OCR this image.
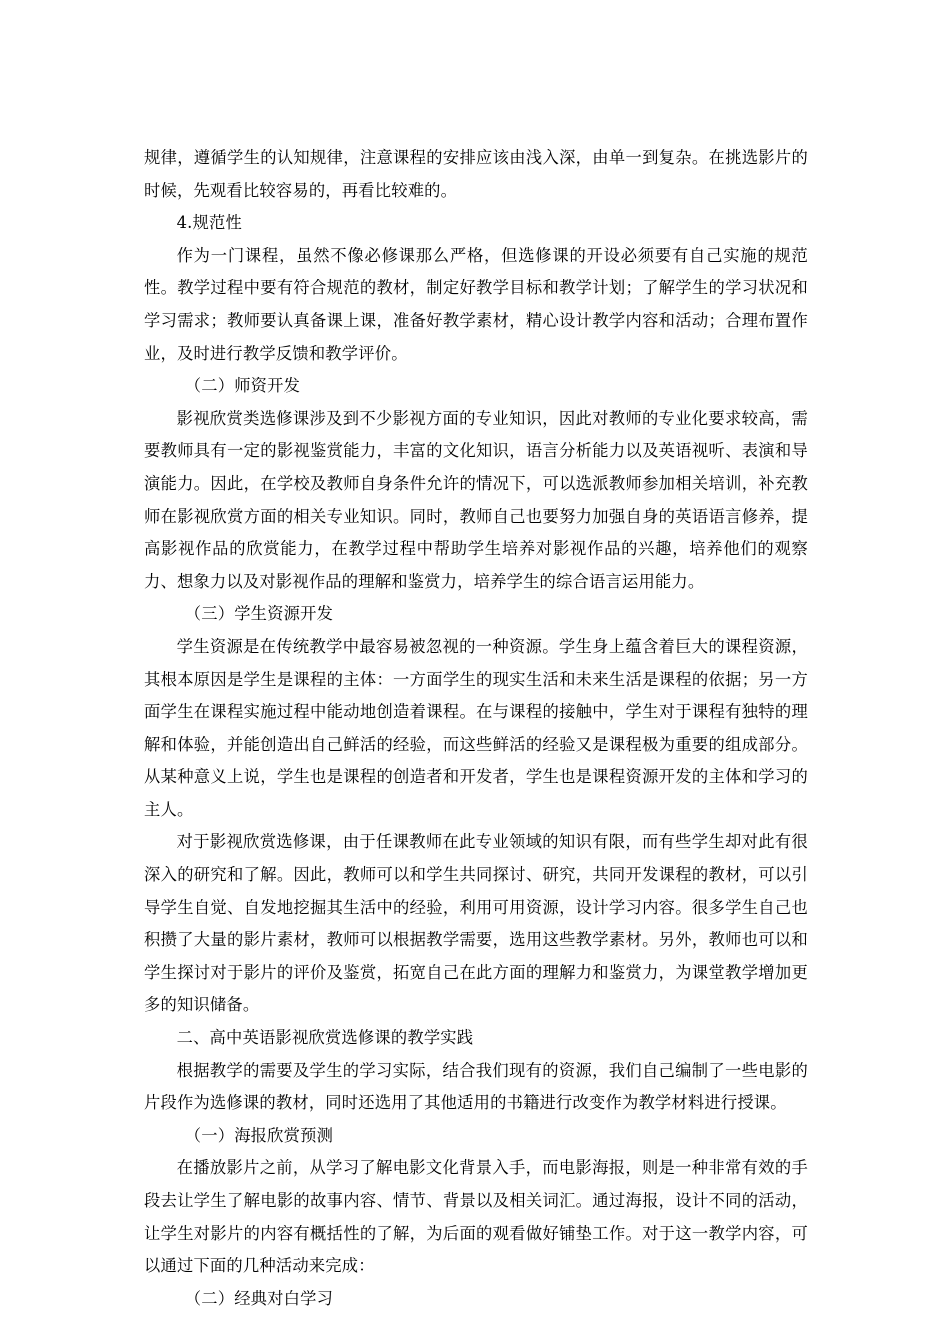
规律，遵循学生的认知规律，注意课程的安排应该由浅入深，由单一到复杂。在挑选影片的时候，先观看比较容易的，再看比较难的。

4.规范性

作为一门课程，虽然不像必修课那么严格，但选修课的开设必须要有自己实施的规范性。教学过程中要有符合规范的教材，制定好教学目标和教学计划；了解学生的学习状况和学习需求；教师要认真备课上课，准备好教学素材，精心设计教学内容和活动；合理布置作业，及时进行教学反馈和教学评价。

（二）师资开发

影视欣赏类选修课涉及到不少影视方面的专业知识，因此对教师的专业化要求较高，需要教师具有一定的影视鉴赏能力，丰富的文化知识，语言分析能力以及英语视听、表演和导演能力。因此，在学校及教师自身条件允许的情况下，可以选派教师参加相关培训，补充教师在影视欣赏方面的相关专业知识。同时，教师自己也要努力加强自身的英语语言修养，提高影视作品的欣赏能力，在教学过程中帮助学生培养对影视作品的兴趣，培养他们的观察力、想象力以及对影视作品的理解和鉴赏力，培养学生的综合语言运用能力。

（三）学生资源开发

学生资源是在传统教学中最容易被忽视的一种资源。学生身上蕴含着巨大的课程资源，其根本原因是学生是课程的主体：一方面学生的现实生活和未来生活是课程的依据；另一方面学生在课程实施过程中能动地创造着课程。在与课程的接触中，学生对于课程有独特的理解和体验，并能创造出自己鲜活的经验，而这些鲜活的经验又是课程极为重要的组成部分。从某种意义上说，学生也是课程的创造者和开发者，学生也是课程资源开发的主体和学习的主人。

对于影视欣赏选修课，由于任课教师在此专业领域的知识有限，而有些学生却对此有很深入的研究和了解。因此，教师可以和学生共同探讨、研究，共同开发课程的教材，可以引导学生自觉、自发地挖掘其生活中的经验，利用可用资源，设计学习内容。很多学生自己也积攒了大量的影片素材，教师可以根据教学需要，选用这些教学素材。另外，教师也可以和学生探讨对于影片的评价及鉴赏，拓宽自己在此方面的理解力和鉴赏力，为课堂教学增加更多的知识储备。

二、高中英语影视欣赏选修课的教学实践

根据教学的需要及学生的学习实际，结合我们现有的资源，我们自己编制了一些电影的片段作为选修课的教材，同时还选用了其他适用的书籍进行改变作为教学材料进行授课。

（一）海报欣赏预测

在播放影片之前，从学习了解电影文化背景入手，而电影海报，则是一种非常有效的手段去让学生了解电影的故事内容、情节、背景以及相关词汇。通过海报，设计不同的活动，让学生对影片的内容有概括性的了解，为后面的观看做好铺垫工作。对于这一教学内容，可以通过下面的几种活动来完成：

（二）经典对白学习
